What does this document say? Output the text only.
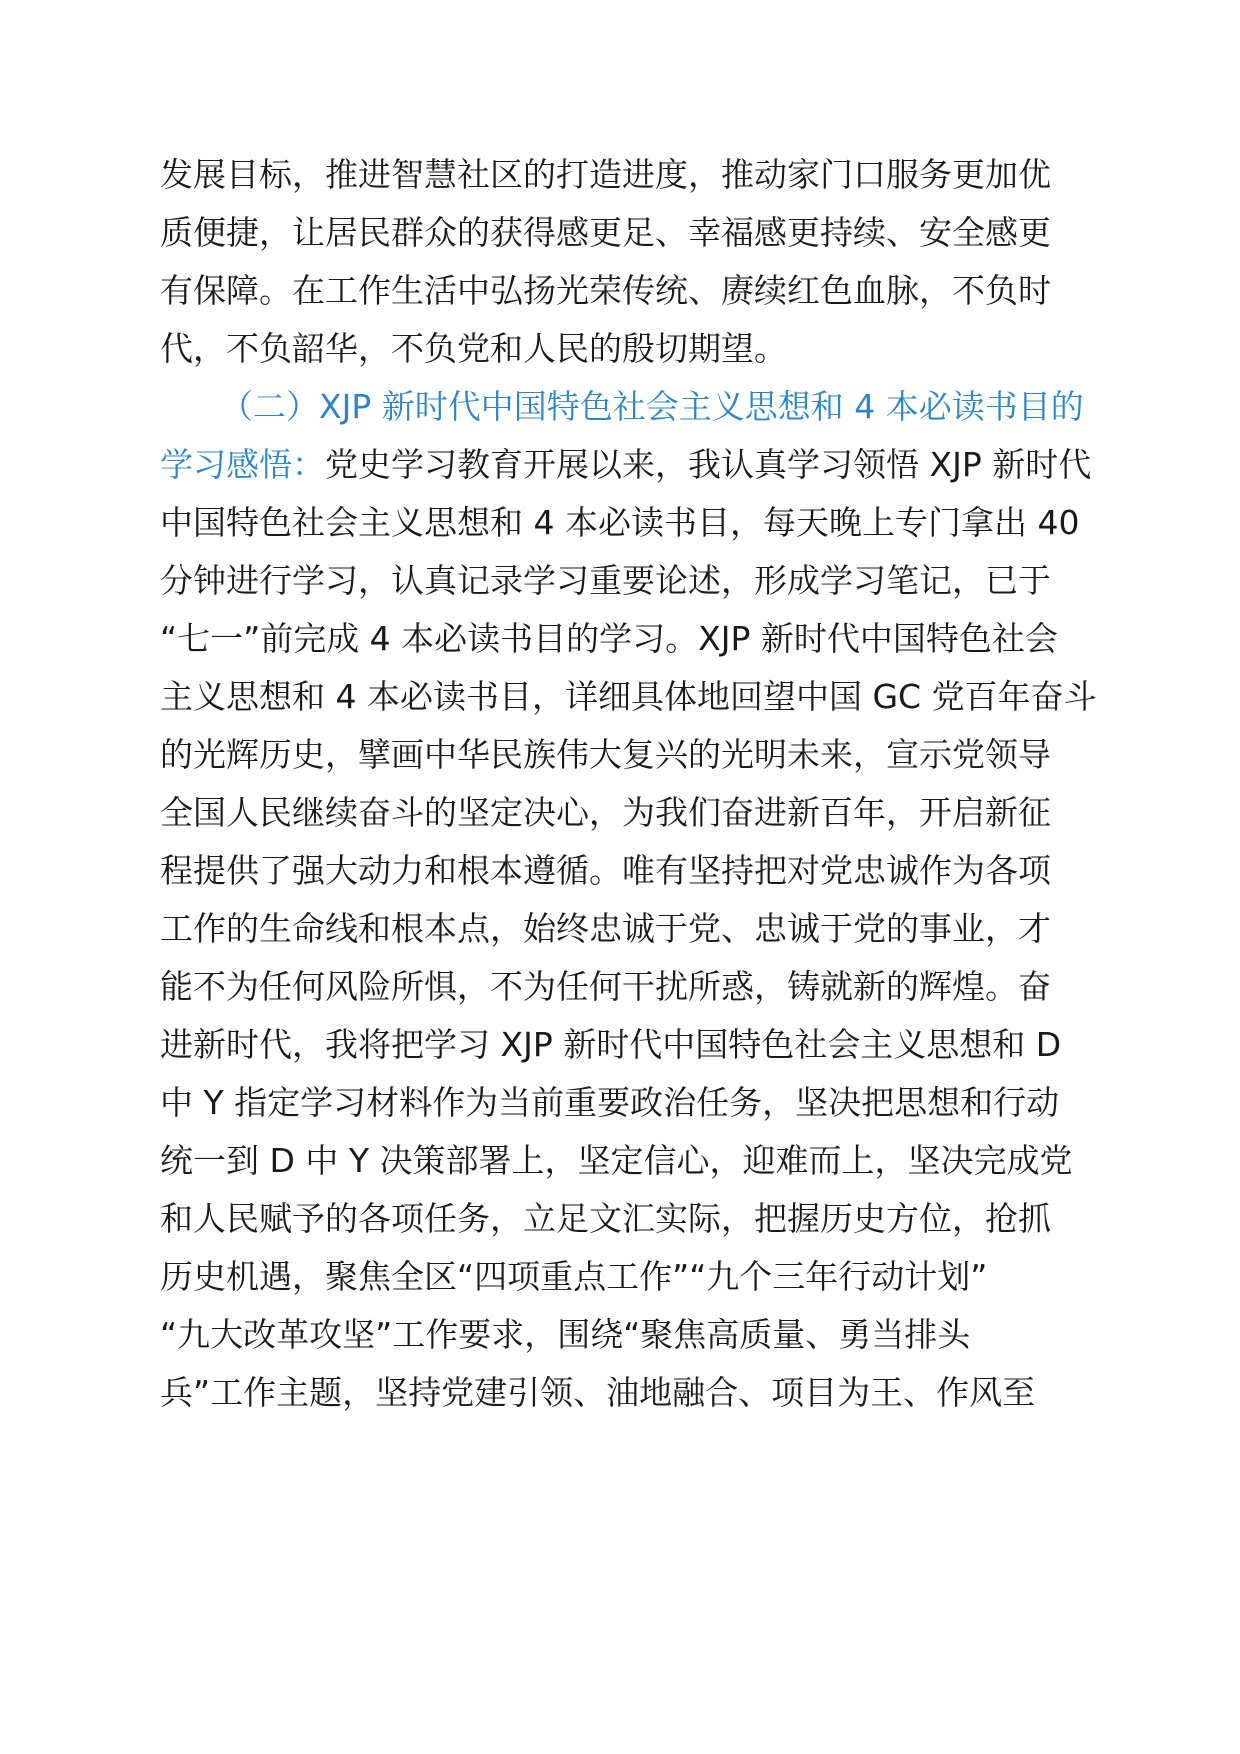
发展目标，推进智慧社区的打造进度，推动家门口服务更加优
质便捷，让居民群众的获得感更足、幸福感更持续、安全感更
有保障。在工作生活中弘扬光荣传统、赓续红色血脉，不负时
代，不负韶华，不负党和人民的殷切期望。
（二）XJP 新时代中国特色社会主义思想和 4 本必读书目的
学习感悟：党史学习教育开展以来，我认真学习领悟 XJP 新时代
中国特色社会主义思想和 4 本必读书目，每天晚上专门拿出 40
分钟进行学习，认真记录学习重要论述，形成学习笔记，已于
“七一”前完成 4 本必读书目的学习。XJP 新时代中国特色社会
主义思想和 4 本必读书目，详细具体地回望中国 GC 党百年奋斗
的光辉历史，擘画中华民族伟大复兴的光明未来，宣示党领导
全国人民继续奋斗的坚定决心，为我们奋进新百年，开启新征
程提供了强大动力和根本遵循。唯有坚持把对党忠诚作为各项
工作的生命线和根本点，始终忠诚于党、忠诚于党的事业，才
能不为任何风险所惧，不为任何干扰所惑，铸就新的辉煌。奋
进新时代，我将把学习 XJP 新时代中国特色社会主义思想和 D
中 Y 指定学习材料作为当前重要政治任务，坚决把思想和行动
统一到 D 中 Y 决策部署上，坚定信心，迎难而上，坚决完成党
和人民赋予的各项任务，立足文汇实际，把握历史方位，抢抓
历史机遇，聚焦全区“四项重点工作”“九个三年行动计划”
“九大改革攻坚”工作要求，围绕“聚焦高质量、勇当排头
兵”工作主题，坚持党建引领、油地融合、项目为王、作风至
